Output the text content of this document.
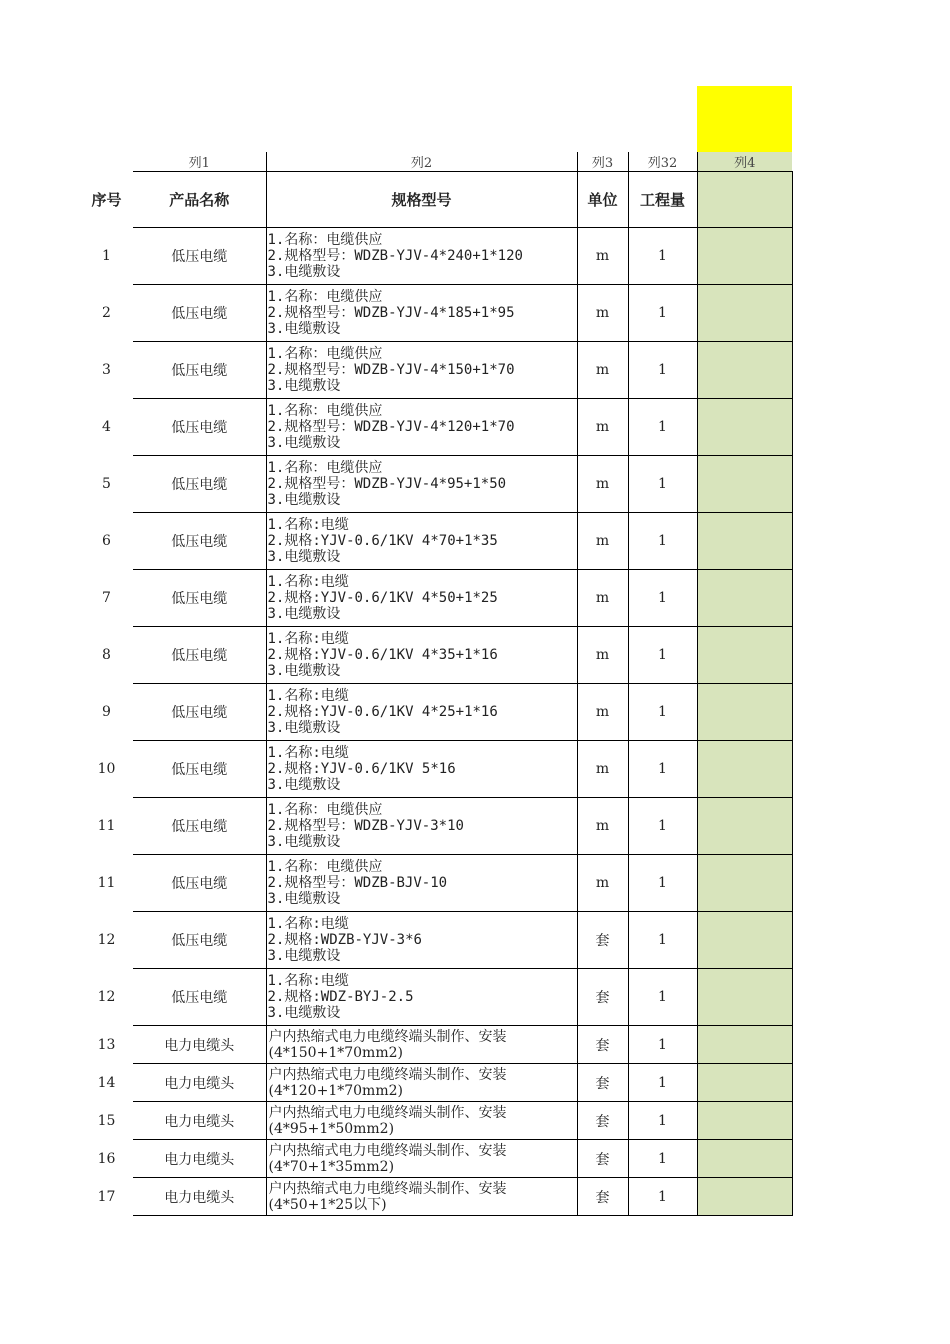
	列1	列2	列3	列32	列4
序号	产品名称	规格型号	单位	工程量	
1	低压电缆	1.名称：电缆供应
2.规格型号：WDZB-YJV-4*240+1*120
3.电缆敷设	m	1	
2	低压电缆	1.名称：电缆供应
2.规格型号：WDZB-YJV-4*185+1*95
3.电缆敷设	m	1	
3	低压电缆	1.名称：电缆供应
2.规格型号：WDZB-YJV-4*150+1*70
3.电缆敷设	m	1	
4	低压电缆	1.名称：电缆供应
2.规格型号：WDZB-YJV-4*120+1*70
3.电缆敷设	m	1	
5	低压电缆	1.名称：电缆供应
2.规格型号：WDZB-YJV-4*95+1*50
3.电缆敷设	m	1	
6	低压电缆	1.名称:电缆
2.规格:YJV-0.6/1KV 4*70+1*35
3.电缆敷设	m	1	
7	低压电缆	1.名称:电缆
2.规格:YJV-0.6/1KV 4*50+1*25
3.电缆敷设	m	1	
8	低压电缆	1.名称:电缆
2.规格:YJV-0.6/1KV 4*35+1*16
3.电缆敷设	m	1	
9	低压电缆	1.名称:电缆
2.规格:YJV-0.6/1KV 4*25+1*16
3.电缆敷设	m	1	
10	低压电缆	1.名称:电缆
2.规格:YJV-0.6/1KV 5*16
3.电缆敷设	m	1	
11	低压电缆	1.名称：电缆供应
2.规格型号：WDZB-YJV-3*10
3.电缆敷设	m	1	
11	低压电缆	1.名称：电缆供应
2.规格型号：WDZB-BJV-10
3.电缆敷设	m	1	
12	低压电缆	1.名称:电缆
2.规格:WDZB-YJV-3*6
3.电缆敷设	套	1	
12	低压电缆	1.名称:电缆
2.规格:WDZ-BYJ-2.5
3.电缆敷设	套	1	
13	电力电缆头	户内热缩式电力电缆终端头制作、安装(4*150+1*70mm2)	套	1	
14	电力电缆头	户内热缩式电力电缆终端头制作、安装(4*120+1*70mm2)	套	1	
15	电力电缆头	户内热缩式电力电缆终端头制作、安装(4*95+1*50mm2)	套	1	
16	电力电缆头	户内热缩式电力电缆终端头制作、安装(4*70+1*35mm2)	套	1	
17	电力电缆头	户内热缩式电力电缆终端头制作、安装(4*50+1*25以下)	套	1	
